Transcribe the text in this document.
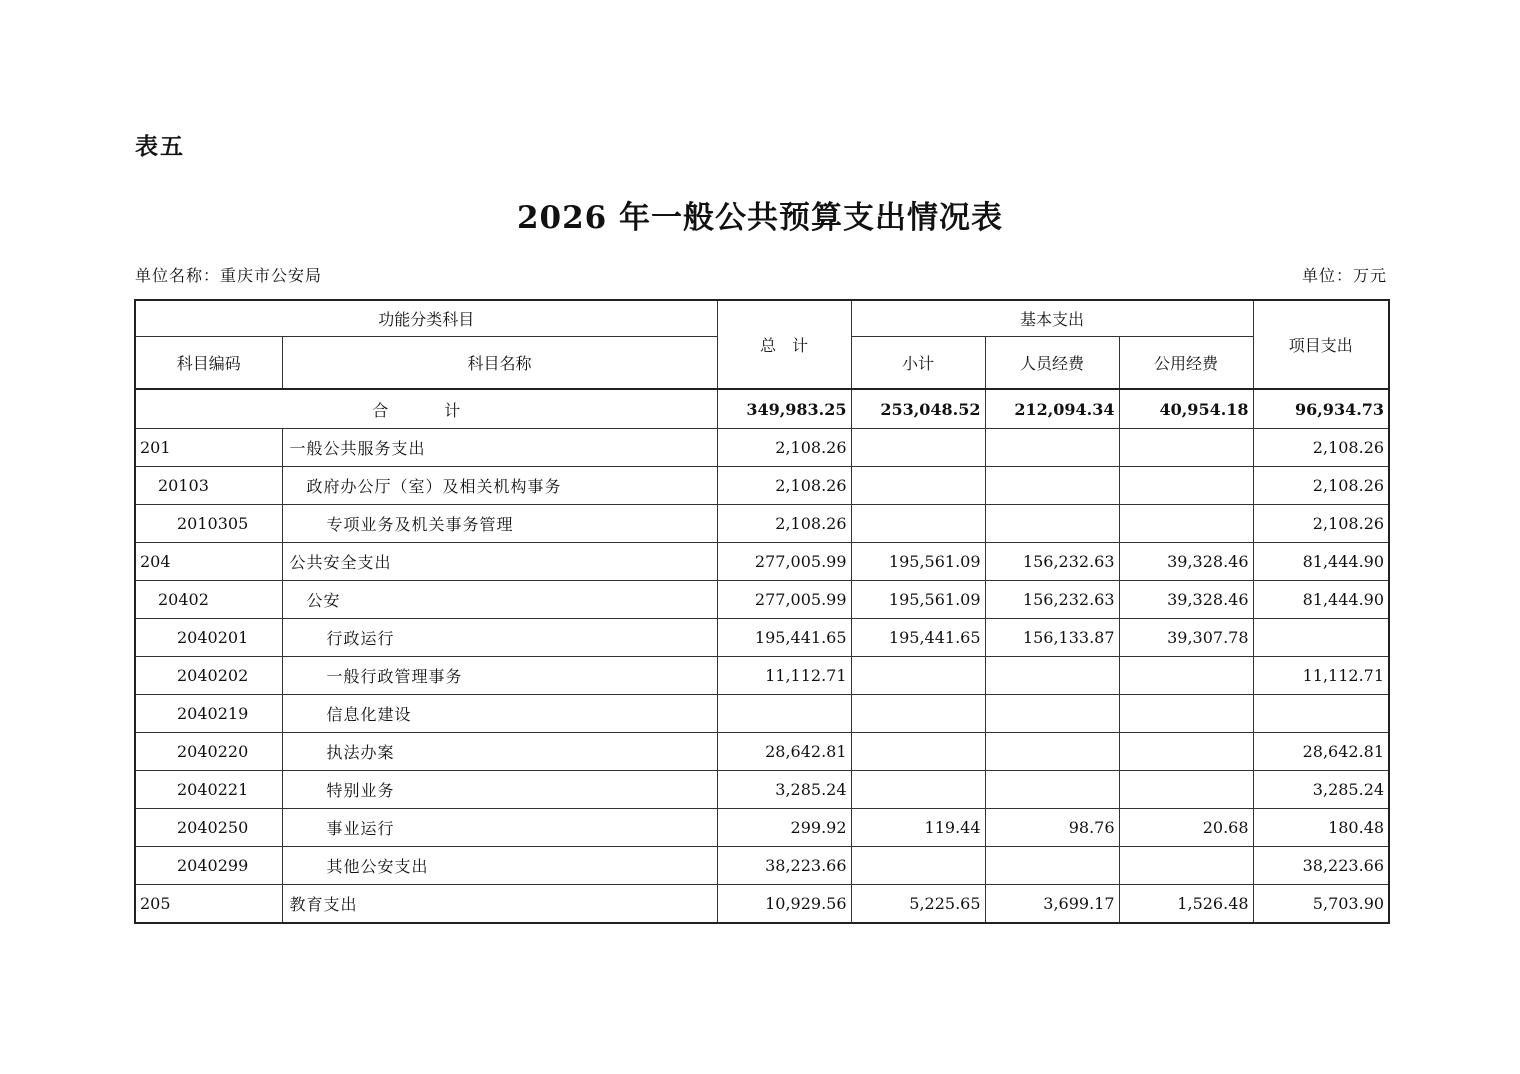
表五
2026 年一般公共预算支出情况表
单位名称：重庆市公安局	单位：万元
功能分类科目		总　计	基本支出			项目支出
科目编码	科目名称					
			小计	人员经费	公用经费	
合　计		349,983.25	253,048.52	212,094.34	40,954.18	96,934.73
201	一般公共服务支出	2,108.26				2,108.26
20103	政府办公厅（室）及相关机构事务	2,108.26				2,108.26
2010305	专项业务及机关事务管理	2,108.26				2,108.26
204	公共安全支出	277,005.99	195,561.09	156,232.63	39,328.46	81,444.90
20402	公安	277,005.99	195,561.09	156,232.63	39,328.46	81,444.90
2040201	行政运行	195,441.65	195,441.65	156,133.87	39,307.78	
2040202	一般行政管理事务	11,112.71				11,112.71
2040219	信息化建设					
2040220	执法办案	28,642.81				28,642.81
2040221	特别业务	3,285.24				3,285.24
2040250	事业运行	299.92	119.44	98.76	20.68	180.48
2040299	其他公安支出	38,223.66				38,223.66
205	教育支出	10,929.56	5,225.65	3,699.17	1,526.48	5,703.90
